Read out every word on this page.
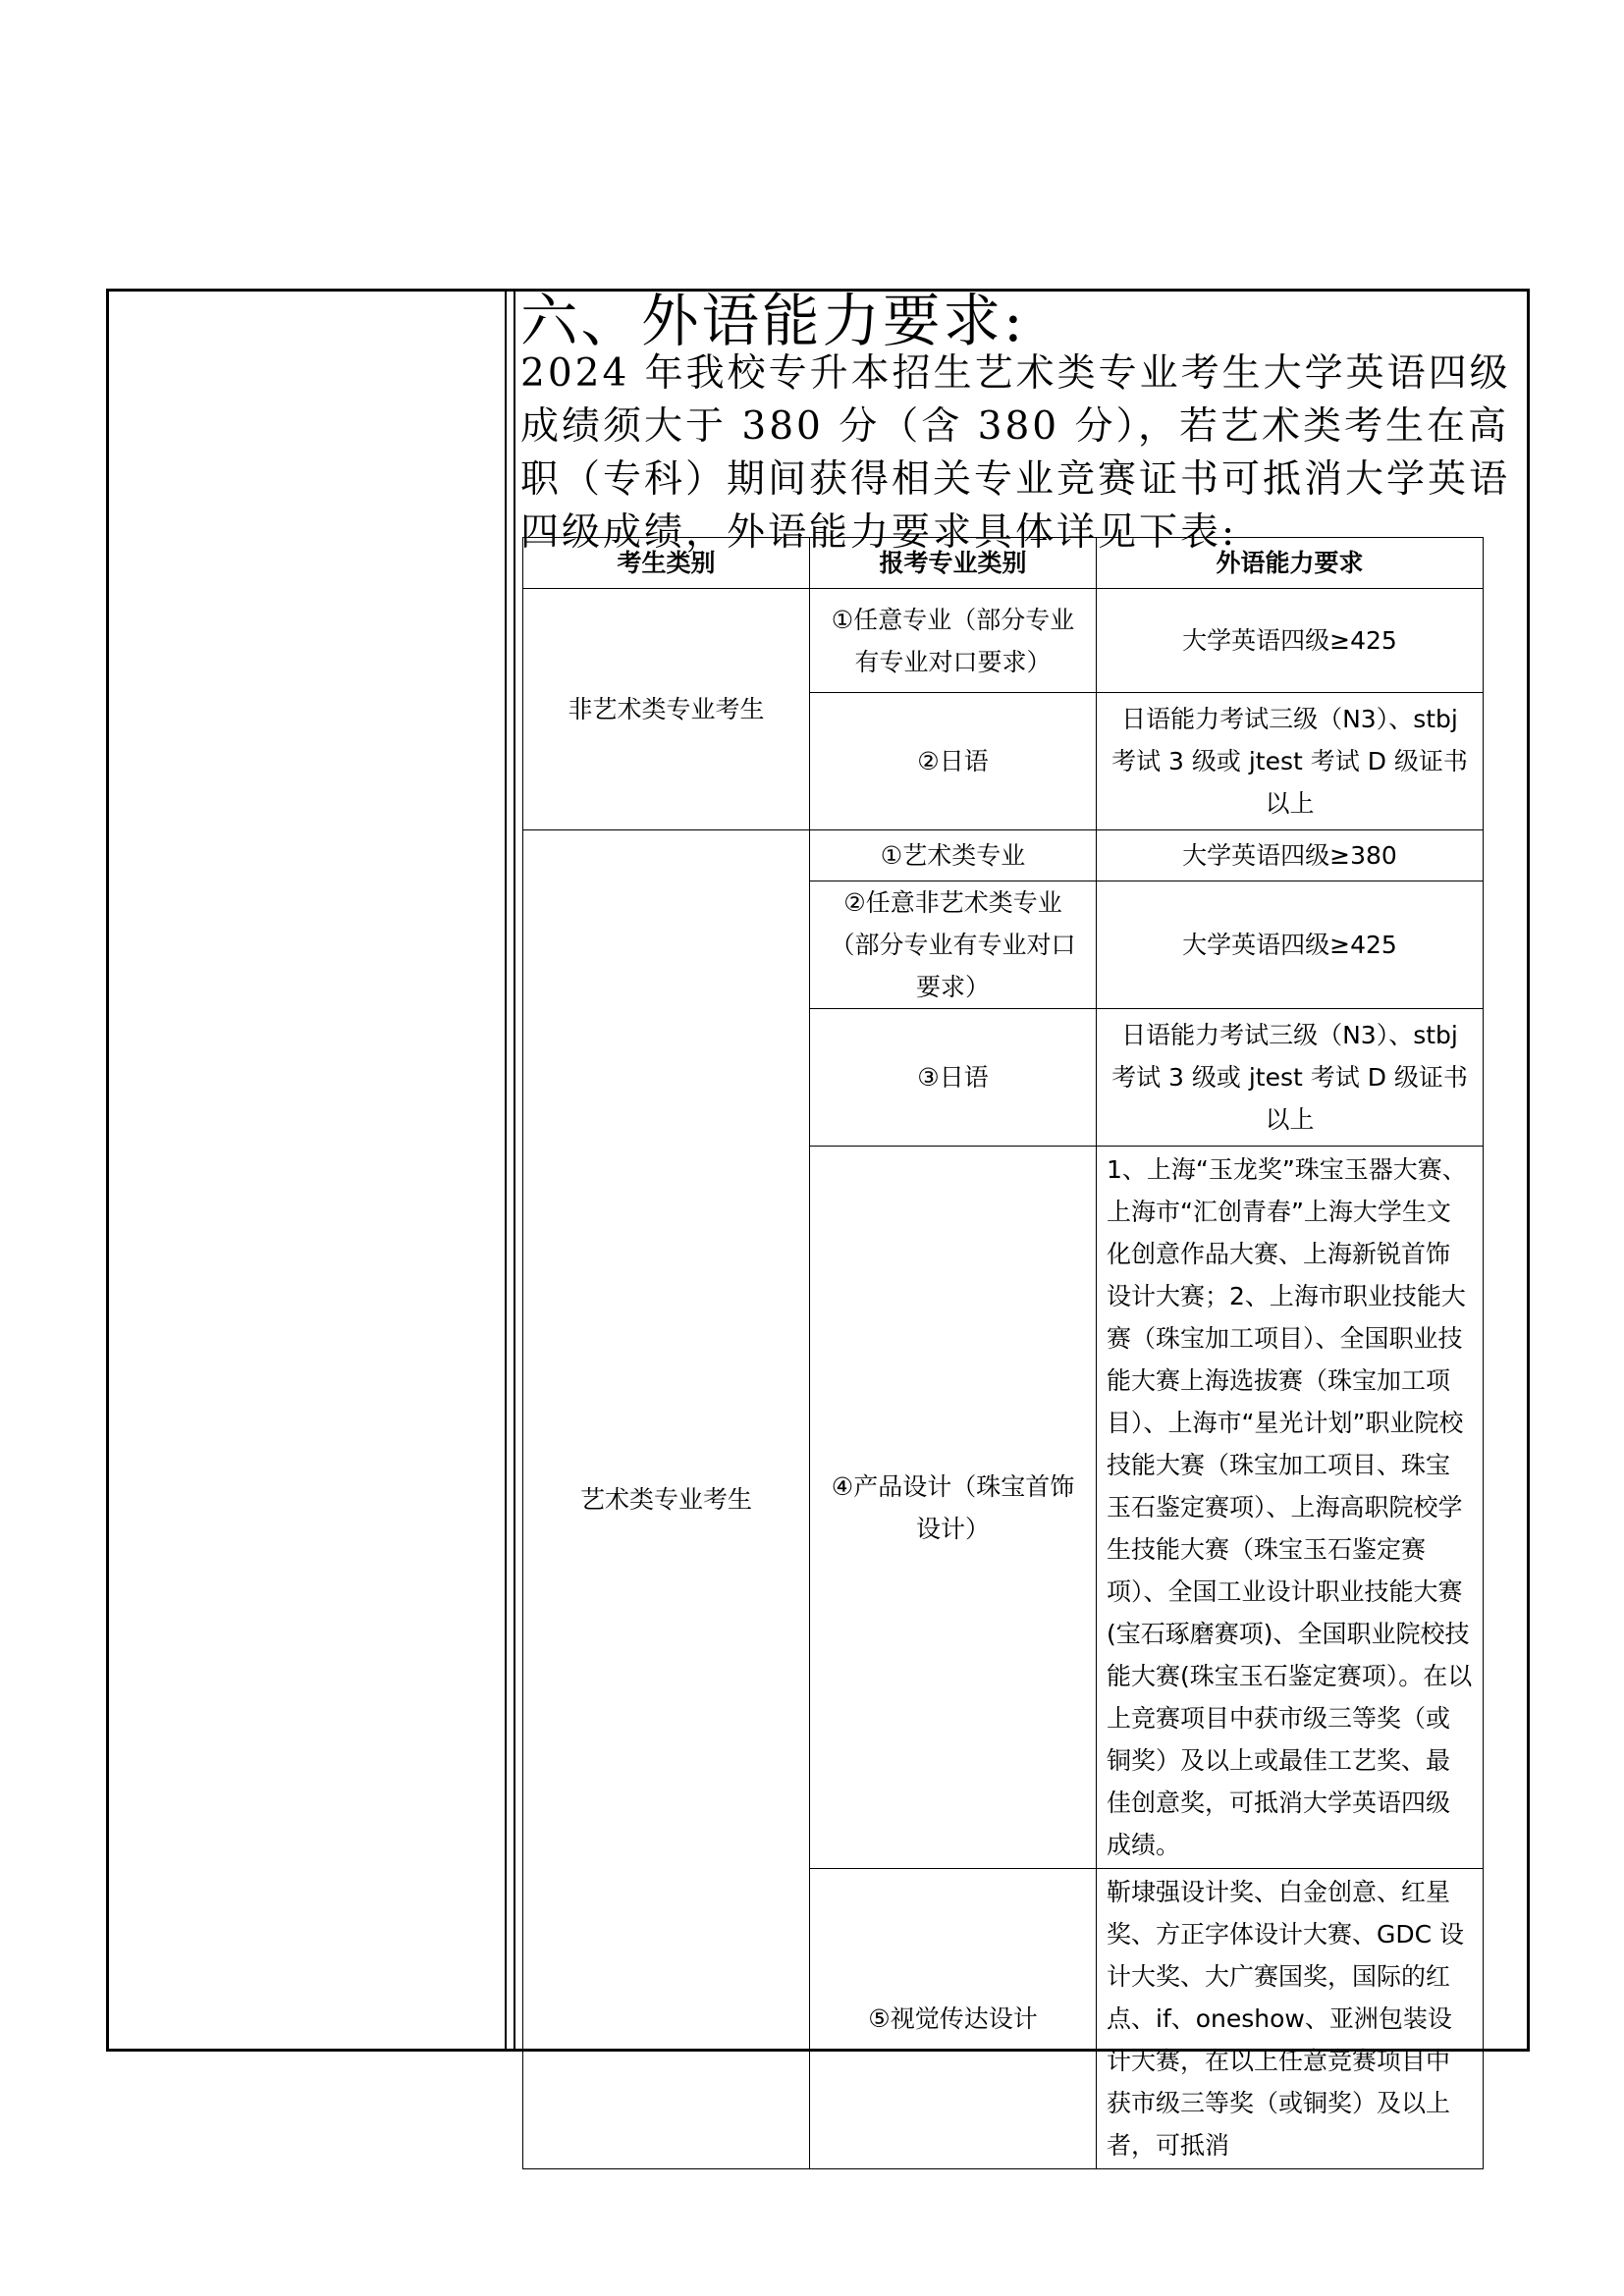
六、外语能力要求:

2024 年我校专升本招生艺术类专业考生大学英语四级成绩须大于 380 分（含 380 分），若艺术类考生在高职（专科）期间获得相关专业竞赛证书可抵消大学英语四级成绩，外语能力要求具体详见下表:

考生类别	报考专业类别	外语能力要求
非艺术类专业考生	①任意专业（部分专业有专业对口要求）	大学英语四级≥425
	②日语	日语能力考试三级（N3）、stbj 考试 3 级或 jtest 考试 D 级证书以上
艺术类专业考生	①艺术类专业	大学英语四级≥380
	②任意非艺术类专业（部分专业有专业对口要求）	大学英语四级≥425
	③日语	日语能力考试三级（N3）、stbj 考试 3 级或 jtest 考试 D 级证书以上
	④产品设计（珠宝首饰设计）	1、上海“玉龙奖”珠宝玉器大赛、上海市“汇创青春”上海大学生文化创意作品大赛、上海新锐首饰设计大赛；2、上海市职业技能大赛（珠宝加工项目）、全国职业技能大赛上海选拔赛（珠宝加工项目）、上海市“星光计划”职业院校技能大赛（珠宝加工项目、珠宝玉石鉴定赛项）、上海高职院校学生技能大赛（珠宝玉石鉴定赛项）、全国工业设计职业技能大赛(宝石琢磨赛项)、全国职业院校技能大赛(珠宝玉石鉴定赛项）。在以上竞赛项目中获市级三等奖（或铜奖）及以上或最佳工艺奖、最佳创意奖，可抵消大学英语四级成绩。
	⑤视觉传达设计	靳埭强设计奖、白金创意、红星奖、方正字体设计大赛、GDC 设计大奖、大广赛国奖，国际的红点、if、oneshow、亚洲包装设计大赛，在以上任意竞赛项目中获市级三等奖（或铜奖）及以上者，可抵消
